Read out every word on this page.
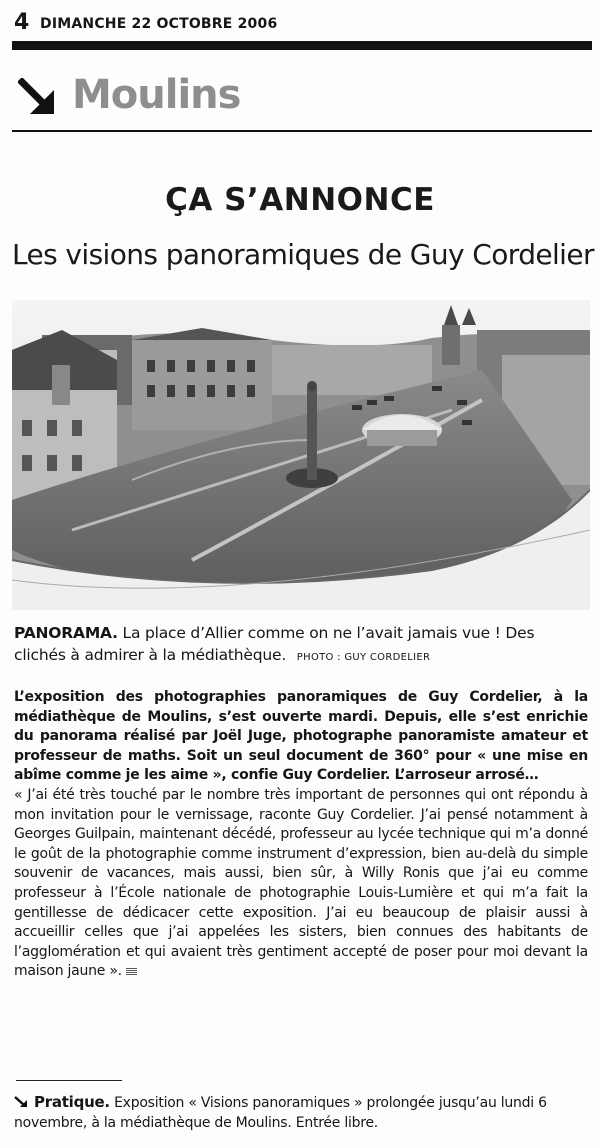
4 DIMANCHE 22 OCTOBRE 2006
Moulins
ÇA S’ANNONCE
Les visions panoramiques de Guy Cordelier
PANORAMA. La place d’Allier comme on ne l’avait jamais vue ! Des clichés à admirer à la médiathèque. PHOTO : GUY CORDELIER

L’exposition des photographies panoramiques de Guy Cordelier, à la médiathèque de Moulins, s’est ouverte mardi. Depuis, elle s’est enrichie du panorama réalisé par Joël Juge, photographe panoramiste amateur et professeur de maths. Soit un seul document de 360° pour « une mise en abîme comme je les aime », confie Guy Cordelier. L’arroseur arrosé…

« J’ai été très touché par le nombre très important de personnes qui ont répondu à mon invitation pour le vernissage, raconte Guy Cordelier. J’ai pensé notamment à Georges Guilpain, maintenant décédé, professeur au lycée technique qui m’a donné le goût de la photographie comme instrument d’expression, bien au-delà du simple souvenir de vacances, mais aussi, bien sûr, à Willy Ronis que j’ai eu comme professeur à l’École nationale de photographie Louis-Lumière et qui m’a fait la gentillesse de dédicacer cette exposition. J’ai eu beaucoup de plaisir aussi à accueillir celles que j’ai appelées les sisters, bien connues des habitants de l’agglomération et qui avaient très gentiment accepté de poser pour moi devant la maison jaune ».

Pratique. Exposition « Visions panoramiques » prolongée jusqu’au lundi 6 novembre, à la médiathèque de Moulins. Entrée libre.
